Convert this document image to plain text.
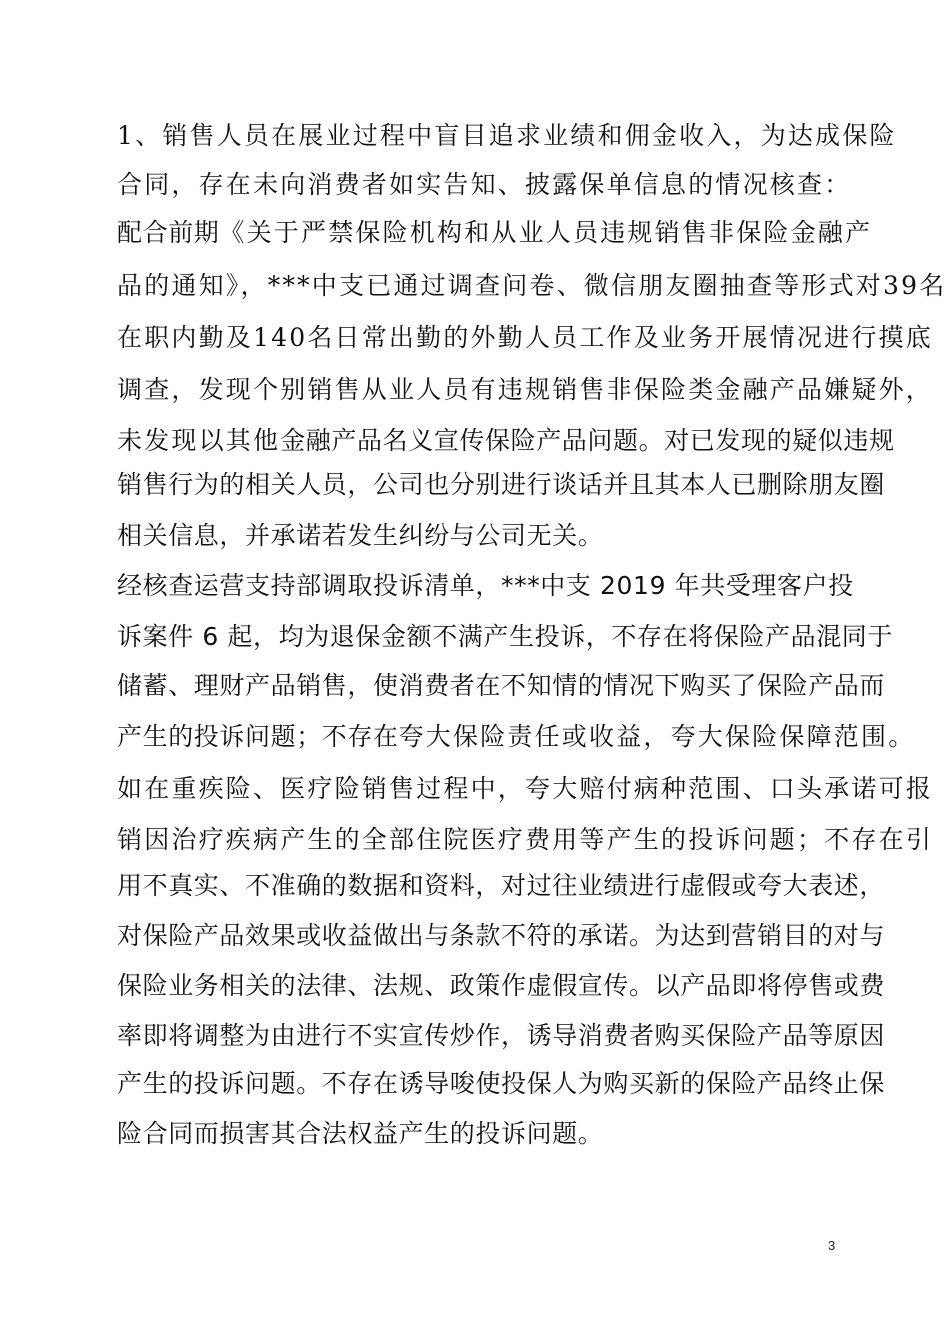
1、销售人员在展业过程中盲目追求业绩和佣金收入，为达成保险
合同，存在未向消费者如实告知、披露保单信息的情况核查：
配合前期《关于严禁保险机构和从业人员违规销售非保险金融产
品的通知》，***中支已通过调查问卷、微信朋友圈抽查等形式对39名
在职内勤及140名日常出勤的外勤人员工作及业务开展情况进行摸底
调查，发现个别销售从业人员有违规销售非保险类金融产品嫌疑外，
未发现以其他金融产品名义宣传保险产品问题。对已发现的疑似违规
销售行为的相关人员，公司也分别进行谈话并且其本人已删除朋友圈
相关信息，并承诺若发生纠纷与公司无关。
经核查运营支持部调取投诉清单，***中支 2019 年共受理客户投
诉案件 6 起，均为退保金额不满产生投诉，不存在将保险产品混同于
储蓄、理财产品销售，使消费者在不知情的情况下购买了保险产品而
产生的投诉问题；不存在夸大保险责任或收益，夸大保险保障范围。
如在重疾险、医疗险销售过程中，夸大赔付病种范围、口头承诺可报
销因治疗疾病产生的全部住院医疗费用等产生的投诉问题；不存在引
用不真实、不准确的数据和资料，对过往业绩进行虚假或夸大表述，
对保险产品效果或收益做出与条款不符的承诺。为达到营销目的对与
保险业务相关的法律、法规、政策作虚假宣传。以产品即将停售或费
率即将调整为由进行不实宣传炒作，诱导消费者购买保险产品等原因
产生的投诉问题。不存在诱导唆使投保人为购买新的保险产品终止保
险合同而损害其合法权益产生的投诉问题。
3
